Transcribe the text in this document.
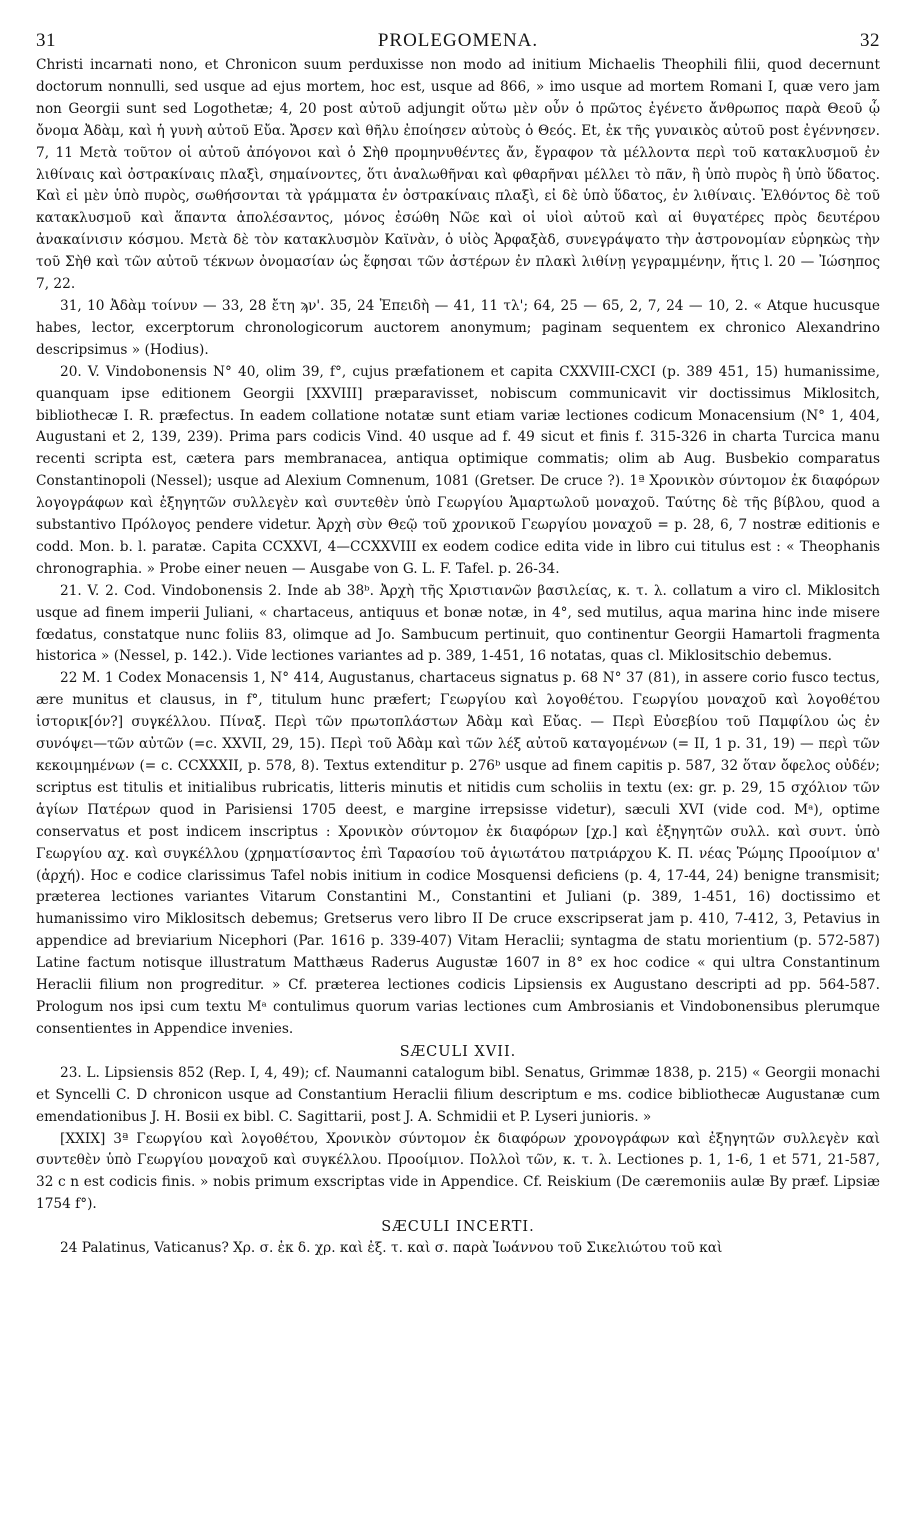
31	PROLEGOMENA.	32

Christi incarnati nono, et Chronicon suum perduxisse non modo ad initium Michaelis Theophili filii, quod decernunt doctorum nonnulli, sed usque ad ejus mortem, hoc est, usque ad 866, » imo usque ad mortem Romani I, quæ vero jam non Georgii sunt sed Logothetæ; 4, 20 post αὐτοῦ adjungit οὕτω μὲν οὖν ὁ πρῶτος ἐγένετο ἄνθρωπος παρὰ Θεοῦ ᾧ ὄνομα Ἀδὰμ, καὶ ἡ γυνὴ αὐτοῦ Εὔα. Ἄρσεν καὶ θῆλυ ἐποίησεν αὐτοὺς ὁ Θεός. Et, ἐκ τῆς γυναικὸς αὐτοῦ post ἐγέννησεν. 7, 11 Μετὰ τοῦτον οἱ αὐτοῦ ἀπόγονοι καὶ ὁ Σὴθ προμηνυθέντες ἄν, ἔγραφον τὰ μέλλοντα περὶ τοῦ κατακλυσμοῦ ἐν λιθίναις καὶ ὀστρακίναις πλαξὶ, σημαίνοντες, ὅτι ἀναλωθῆναι καὶ φθαρῆναι μέλλει τὸ πᾶν, ἢ ὑπὸ πυρὸς ἢ ὑπὸ ὕδατος. Καὶ εἰ μὲν ὑπὸ πυρὸς, σωθήσονται τὰ γράμματα ἐν ὀστρακίναις πλαξὶ, εἰ δὲ ὑπὸ ὕδατος, ἐν λιθίναις. Ἐλθόντος δὲ τοῦ κατακλυσμοῦ καὶ ἅπαντα ἀπολέσαντος, μόνος ἐσώθη Νῶε καὶ οἱ υἱοὶ αὐτοῦ καὶ αἱ θυγατέρες πρὸς δευτέρου ἀνακαίνισιν κόσμου. Μετὰ δὲ τὸν κατακλυσμὸν Καϊνὰν, ὁ υἱὸς Ἀρφαξὰδ, συνεγράψατο τὴν ἀστρονομίαν εὑρηκὼς τὴν τοῦ Σὴθ καὶ τῶν αὐτοῦ τέκνων ὀνομασίαν ὡς ἔφησαι τῶν ἀστέρων ἐν πλακὶ λιθίνῃ γεγραμμένην, ἥτις l. 20 — Ἰώσηπος 7, 22.

31, 10 Ἀδὰμ τοίνυν — 33, 28 ἔτη ϡν'. 35, 24 Ἐπειδὴ — 41, 11 τλ'; 64, 25 — 65, 2, 7, 24 — 10, 2. « Atque hucusque habes, lector, excerptorum chronologicorum auctorem anonymum; paginam sequentem ex chronico Alexandrino descripsimus » (Hodius).

20. V. Vindobonensis N° 40, olim 39, f°, cujus præfationem et capita CXXVIII-CXCI (p. 389 451, 15) humanissime, quanquam ipse editionem Georgii [XXVIII] præparavisset, nobiscum communicavit vir doctissimus Miklositch, bibliothecæ I. R. præfectus. In eadem collatione notatæ sunt etiam variæ lectiones codicum Monacensium (N° 1, 404, Augustani et 2, 139, 239). Prima pars codicis Vind. 40 usque ad f. 49 sicut et finis f. 315-326 in charta Turcica manu recenti scripta est, cætera pars membranacea, antiqua optimique commatis; olim ab Aug. Busbekio comparatus Constantinopoli (Nessel); usque ad Alexium Comnenum, 1081 (Gretser. De cruce ?). 1ª Χρονικὸν σύντομον ἐκ διαφόρων λογογράφων καὶ ἐξηγητῶν συλλεγὲν καὶ συντεθὲν ὑπὸ Γεωργίου Ἁμαρτωλοῦ μοναχοῦ. Ταύτης δὲ τῆς βίβλου, quod a substantivo Πρόλογος pendere videtur. Ἀρχὴ σὺν Θεῷ τοῦ χρονικοῦ Γεωργίου μοναχοῦ = p. 28, 6, 7 nostræ editionis e codd. Mon. b. l. paratæ. Capita CCXXVI, 4—CCXXVIII ex eodem codice edita vide in libro cui titulus est : « Theophanis chronographia. » Probe einer neuen — Ausgabe von G. L. F. Tafel. p. 26-34.

21. V. 2. Cod. Vindobonensis 2. Inde ab 38ᵇ. Ἀρχὴ τῆς Χριστιανῶν βασιλείας, κ. τ. λ. collatum a viro cl. Miklositch usque ad finem imperii Juliani, « chartaceus, antiquus et bonæ notæ, in 4°, sed mutilus, aqua marina hinc inde misere fœdatus, constatque nunc foliis 83, olimque ad Jo. Sambucum pertinuit, quo continentur Georgii Hamartoli fragmenta historica » (Nessel, p. 142.). Vide lectiones variantes ad p. 389, 1-451, 16 notatas, quas cl. Miklositschio debemus.

22 M. 1 Codex Monacensis 1, N° 414, Augustanus, chartaceus signatus p. 68 N° 37 (81), in assere corio fusco tectus, ære munitus et clausus, in f°, titulum hunc præfert; Γεωργίου καὶ λογοθέτου. Γεωργίου μοναχοῦ καὶ λογοθέτου ἱστορικ[όν?] συγκέλλου. Πίναξ. Περὶ τῶν πρωτοπλάστων Ἀδὰμ καὶ Εὔας. — Περὶ Εὐσεβίου τοῦ Παμφίλου ὡς ἐν συνόψει—τῶν αὐτῶν (=c. XXVII, 29, 15). Περὶ τοῦ Ἀδὰμ καὶ τῶν λέξ αὐτοῦ καταγομένων (= II, 1 p. 31, 19) — περὶ τῶν κεκοιμημένων (= c. CCXXXII, p. 578, 8). Textus extenditur p. 276ᵇ usque ad finem capitis p. 587, 32 ὅταν ὄφελος οὐδέν; scriptus est titulis et initialibus rubricatis, litteris minutis et nitidis cum scholiis in textu (ex: gr. p. 29, 15 σχόλιον τῶν ἁγίων Πατέρων quod in Parisiensi 1705 deest, e margine irrepsisse videtur), sæculi XVI (vide cod. Mᵃ), optime conservatus et post indicem inscriptus : Χρονικὸν σύντομον ἐκ διαφόρων [χρ.] καὶ ἐξηγητῶν συλλ. καὶ συντ. ὑπὸ Γεωργίου αχ. καὶ συγκέλλου (χρηματίσαντος ἐπὶ Ταρασίου τοῦ ἁγιωτάτου πατριάρχου Κ. Π. νέας Ῥώμης Προοίμιον α' (ἀρχή). Hoc e codice clarissimus Tafel nobis initium in codice Mosquensi deficiens (p. 4, 17-44, 24) benigne transmisit; præterea lectiones variantes Vitarum Constantini M., Constantini et Juliani (p. 389, 1-451, 16) doctissimo et humanissimo viro Miklositsch debemus; Gretserus vero libro II De cruce exscripserat jam p. 410, 7-412, 3, Petavius in appendice ad breviarium Nicephori (Par. 1616 p. 339-407) Vitam Heraclii; syntagma de statu morientium (p. 572-587) Latine factum notisque illustratum Matthæus Raderus Augustæ 1607 in 8° ex hoc codice « qui ultra Constantinum Heraclii filium non progreditur. » Cf. præterea lectiones codicis Lipsiensis ex Augustano descripti ad pp. 564-587. Prologum nos ipsi cum textu Mᵃ contulimus quorum varias lectiones cum Ambrosianis et Vindobonensibus plerumque consentientes in Appendice invenies.

SÆCULI XVII.

23. L. Lipsiensis 852 (Rep. I, 4, 49); cf. Naumanni catalogum bibl. Senatus, Grimmæ 1838, p. 215) « Georgii monachi et Syncelli C. D chronicon usque ad Constantium Heraclii filium descriptum e ms. codice bibliothecæ Augustanæ cum emendationibus J. H. Bosii ex bibl. C. Sagittarii, post J. A. Schmidii et P. Lyseri junioris. »

[XXIX] 3ª Γεωργίου καὶ λογοθέτου, Χρονικὸν σύντομον ἐκ διαφόρων χρονογράφων καὶ ἐξηγητῶν συλλεγὲν καὶ συντεθὲν ὑπὸ Γεωργίου μοναχοῦ καὶ συγκέλλου. Προοίμιον. Πολλοὶ τῶν, κ. τ. λ. Lectiones p. 1, 1-6, 1 et 571, 21-587, 32 c n est codicis finis. » nobis primum exscriptas vide in Appendice. Cf. Reiskium (De cæremoniis aulæ By præf. Lipsiæ 1754 f°).

SÆCULI INCERTI.

24 Palatinus, Vaticanus? Χρ. σ. ἐκ δ. χρ. καὶ ἐξ. τ. καὶ σ. παρὰ Ἰωάννου τοῦ Σικελιώτου τοῦ καὶ
